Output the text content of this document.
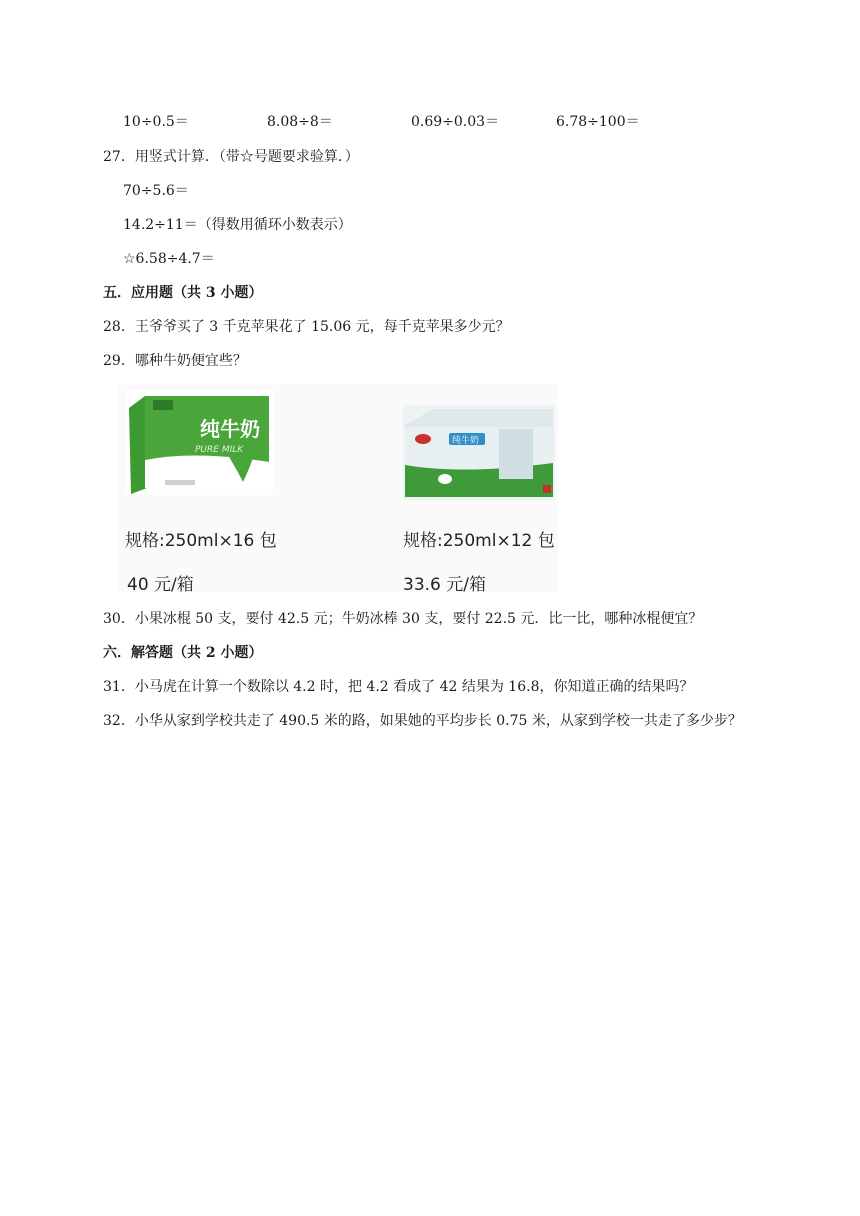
10÷0.5＝	8.08÷8＝	0.69÷0.03＝	6.78÷100＝
27．用竖式计算．（带☆号题要求验算．）
70÷5.6＝
14.2÷11＝（得数用循环小数表示）
☆6.58÷4.7＝
五．应用题（共 3 小题）
28．王爷爷买了 3 千克苹果花了 15.06 元，每千克苹果多少元？
29．哪种牛奶便宜些？
纯牛奶
PURE MILK
纯牛奶
规格:250ml×16 包	规格:250ml×12 包
40 元/箱	33.6 元/箱
30．小果冰棍 50 支，要付 42.5 元；牛奶冰棒 30 支，要付 22.5 元．比一比，哪种冰棍便宜？
六．解答题（共 2 小题）
31．小马虎在计算一个数除以 4.2 时，把 4.2 看成了 42 结果为 16.8，你知道正确的结果吗？
32．小华从家到学校共走了 490.5 米的路，如果她的平均步长 0.75 米，从家到学校一共走了多少步？
